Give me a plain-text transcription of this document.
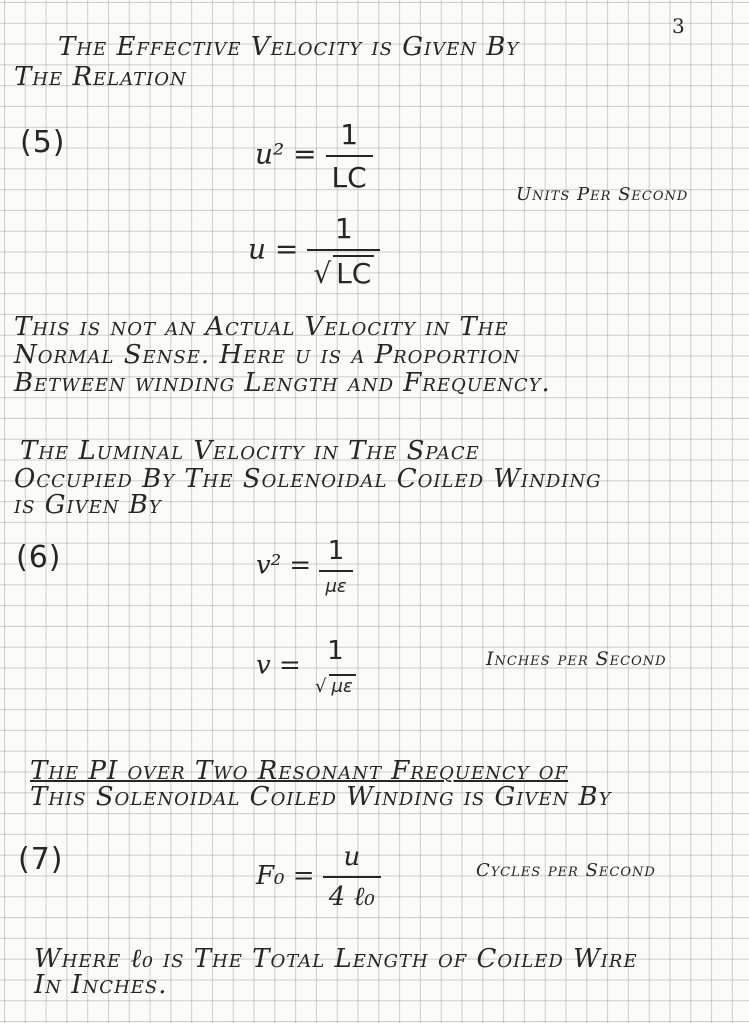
3
The Effective Velocity is Given By
The Relation
(5)	$u^2 = \frac{1}{LC}$
Units Per Second
$u = \frac{1}{√ LC}$
This is not an Actual Velocity in The
Normal Sense. Here u is a Proportion
Between winding Length and Frequency.
The Luminal Velocity in The Space
Occupied By The Solenoidal Coiled Winding
is Given By
(6)	$v^2 = \frac{1}{\mu\varepsilon}$
v =	1
√ με
Inches per Second
The PI over Two Resonant Frequency of
This Solenoidal Coiled Winding is Given By
(7)	$F_0 = \frac{u}{\text{4 ℓ₀}}$	Cycles per Second
Where ℓ₀ is The Total Length of Coiled Wire
In Inches.
